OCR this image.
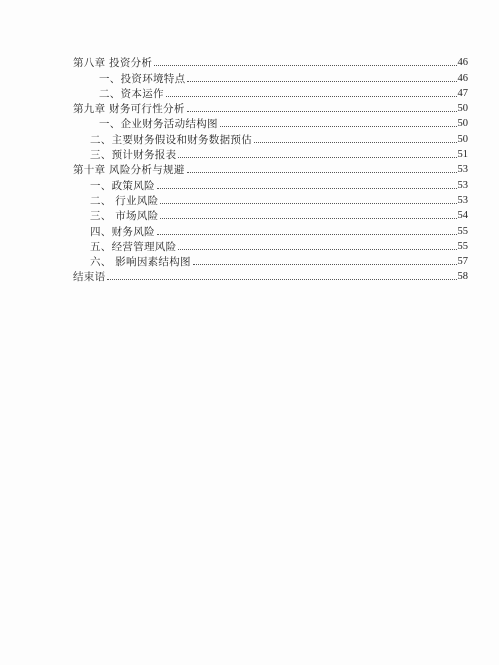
第八章 投资分析	46
一、投资环境特点	46
二、资本运作	47
第九章 财务可行性分析	50
一、企业财务活动结构图	50
二、主要财务假设和财务数据预估	50
三、预计财务报表	51
第十章 风险分析与规避	53
一、政策风险	53
二、 行业风险	53
三、 市场风险	54
四、财务风险	55
五、经营管理风险	55
六、 影响因素结构图	57
结束语	58
